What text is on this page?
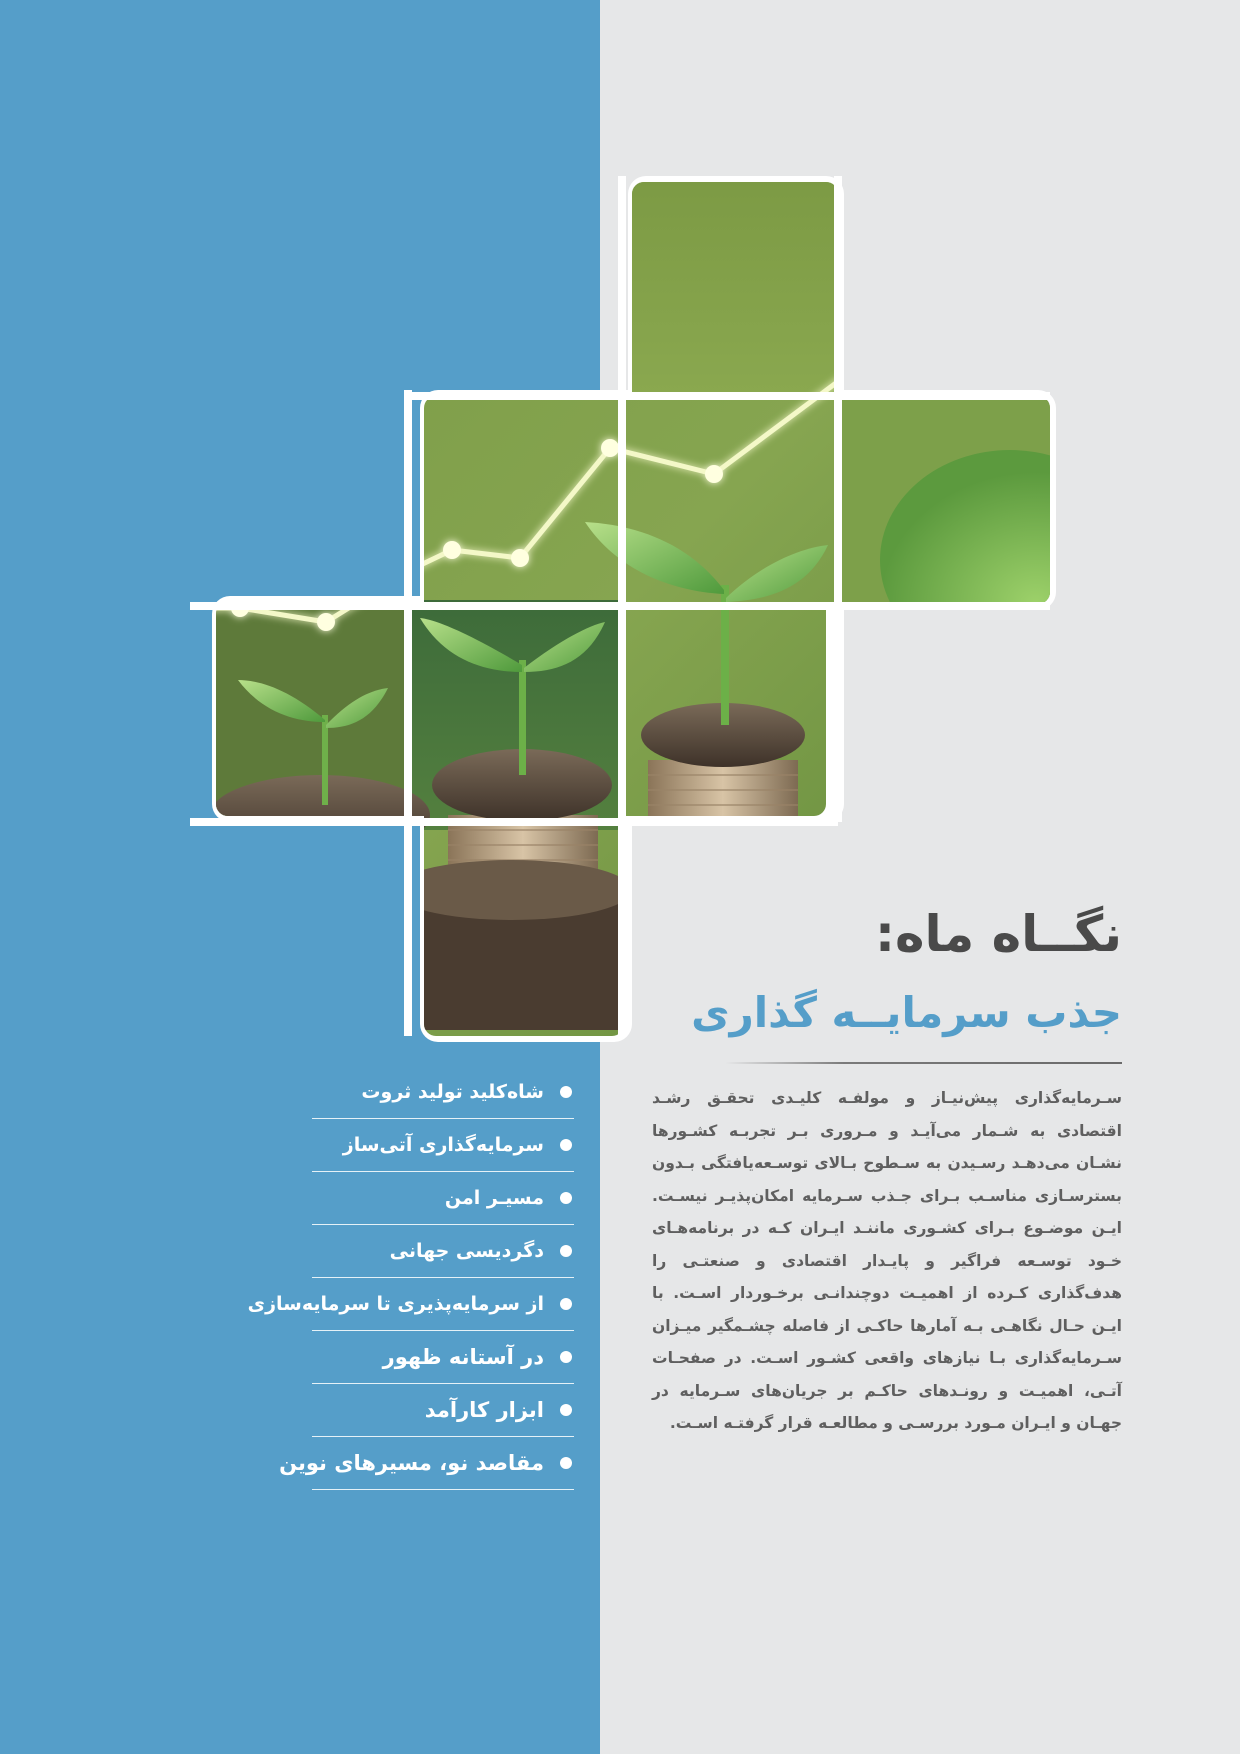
نگــاه ماه:
جذب سرمایــه گذاری

سـرمایه‌گذاری پیش‌نیـاز و مولفـه کلیـدی تحقـق رشـد اقتصادی به شـمار می‌آیـد و مـروری بـر تجربـه کشـورها نشـان می‌دهـد رسـیدن به سـطوح بـالای توسـعه‌یافتگی بـدون بسترسـازی مناسـب بـرای جـذب سـرمایه امکان‌پذیـر نیسـت. ایـن موضـوع بـرای کشـوری ماننـد ایـران کـه در برنامه‌هـای خـود توسـعه فراگیر و پایـدار اقتصادی و صنعتـی را هدف‌گذاری کـرده از اهمیـت دوچندانـی برخـوردار اسـت. با ایـن حـال نگاهـی بـه آمارها حاکـی از فاصله چشـمگیر میـزان سـرمایه‌گذاری بـا نیازهای واقعی کشـور اسـت. در صفحـات آتـی، اهمیـت و رونـدهای حاکـم بر جریان‌های سـرمایه در جهـان و ایـران مـورد بررسـی و مطالعـه قرار گرفتـه اسـت.

شاه‌کلید تولید ثروت
سرمایه‌گذاری آتی‌ساز
مسیـر امن
دگردیسی جهانی
از سرمایه‌پذیری تا سرمایه‌سازی
در آستانه ظهور
ابزار کارآمد
مقاصد نو، مسیرهای نوین
